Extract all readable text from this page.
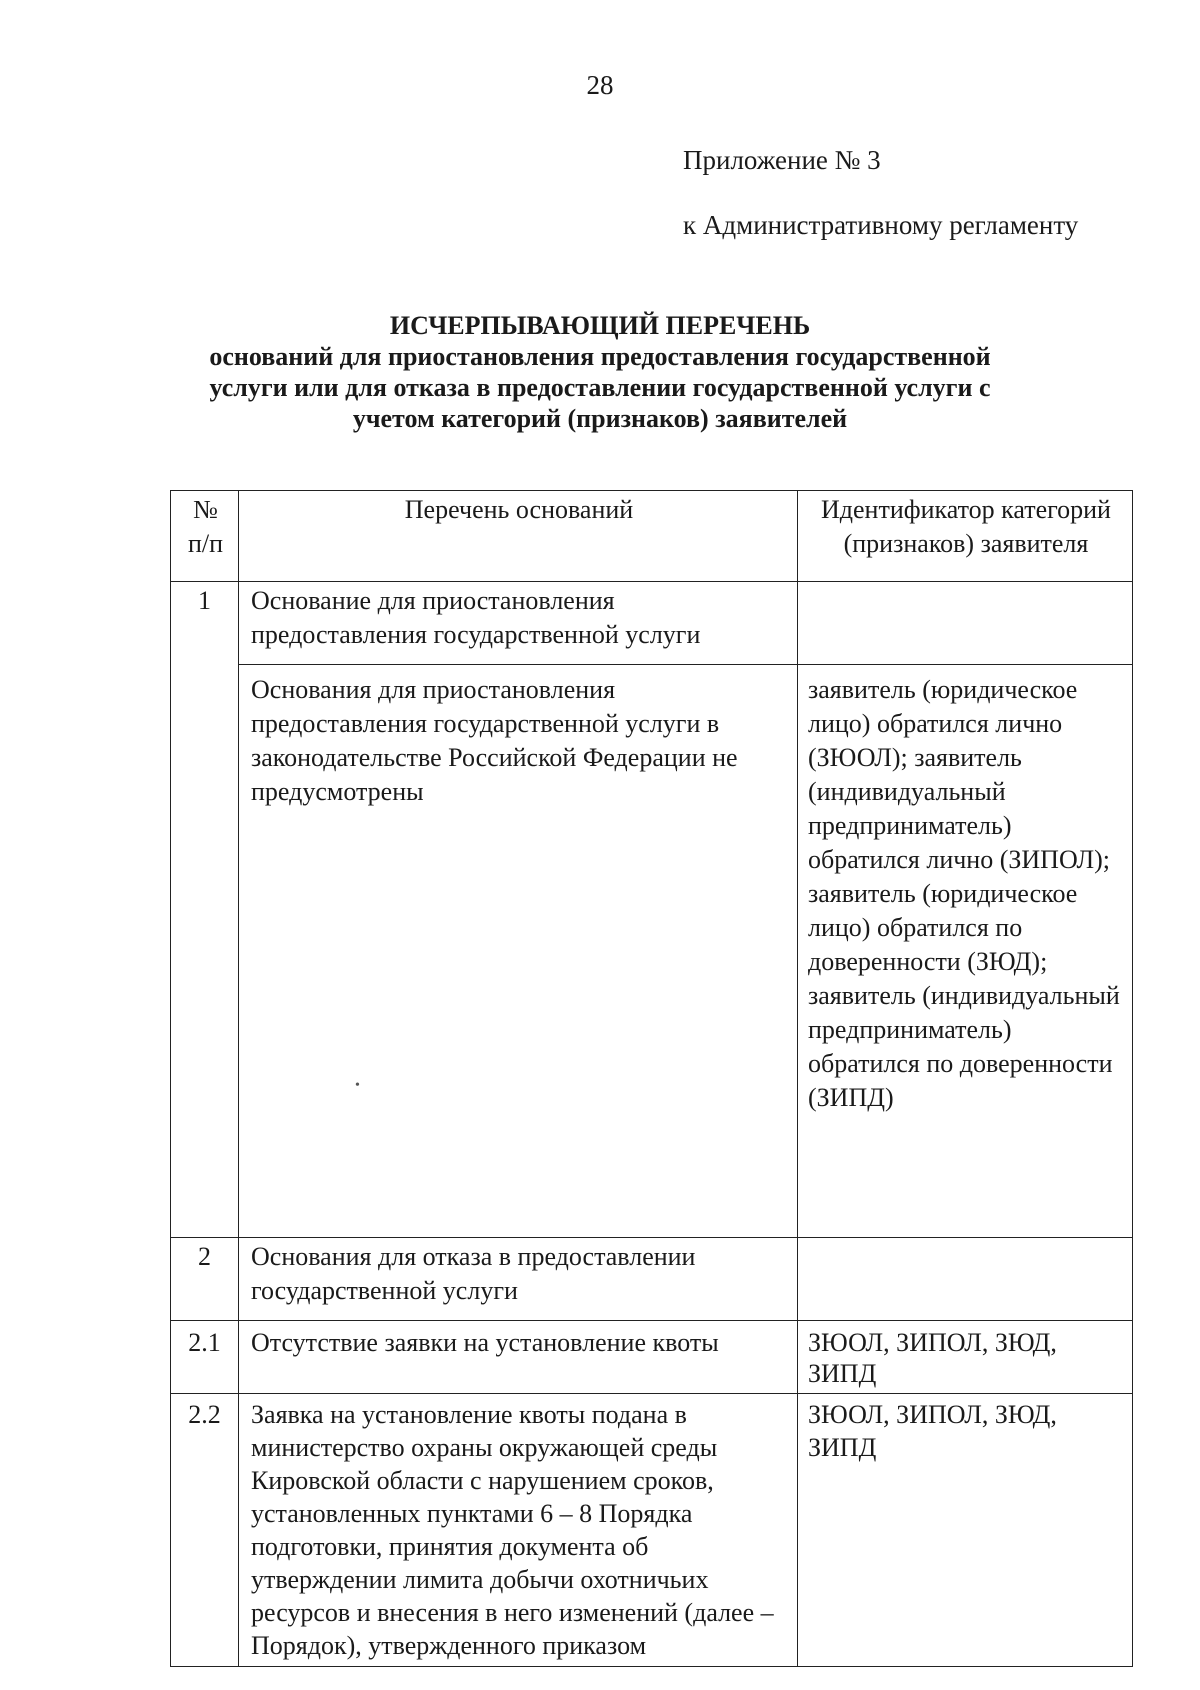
28
Приложение № 3
к Административному регламенту
ИСЧЕРПЫВАЮЩИЙ ПЕРЕЧЕНЬ
оснований для приостановления предоставления государственной
услуги или для отказа в предоставлении государственной услуги с
учетом категорий (признаков) заявителей
№ п/п	Перечень оснований	Идентификатор категорий (признаков) заявителя
1	Основание для приостановления предоставления государственной услуги	
	Основания для приостановления предоставления государственной услуги в законодательстве Российской Федерации не предусмотрены	заявитель (юридическое лицо) обратился лично (ЗЮОЛ); заявитель (индивидуальный предприниматель) обратился лично (ЗИПОЛ); заявитель (юридическое лицо) обратился по доверенности (ЗЮД); заявитель (индивидуальный предприниматель) обратился по доверенности (ЗИПД)
2	Основания для отказа в предоставлении государственной услуги	
2.1	Отсутствие заявки на установление квоты	ЗЮОЛ, ЗИПОЛ, ЗЮД, ЗИПД
2.2	Заявка на установление квоты подана в министерство охраны окружающей среды Кировской области с нарушением сроков, установленных пунктами 6 – 8 Порядка подготовки, принятия документа об утверждении лимита добычи охотничьих ресурсов и внесения в него изменений (далее – Порядок), утвержденного приказом	ЗЮОЛ, ЗИПОЛ, ЗЮД, ЗИПД
•
